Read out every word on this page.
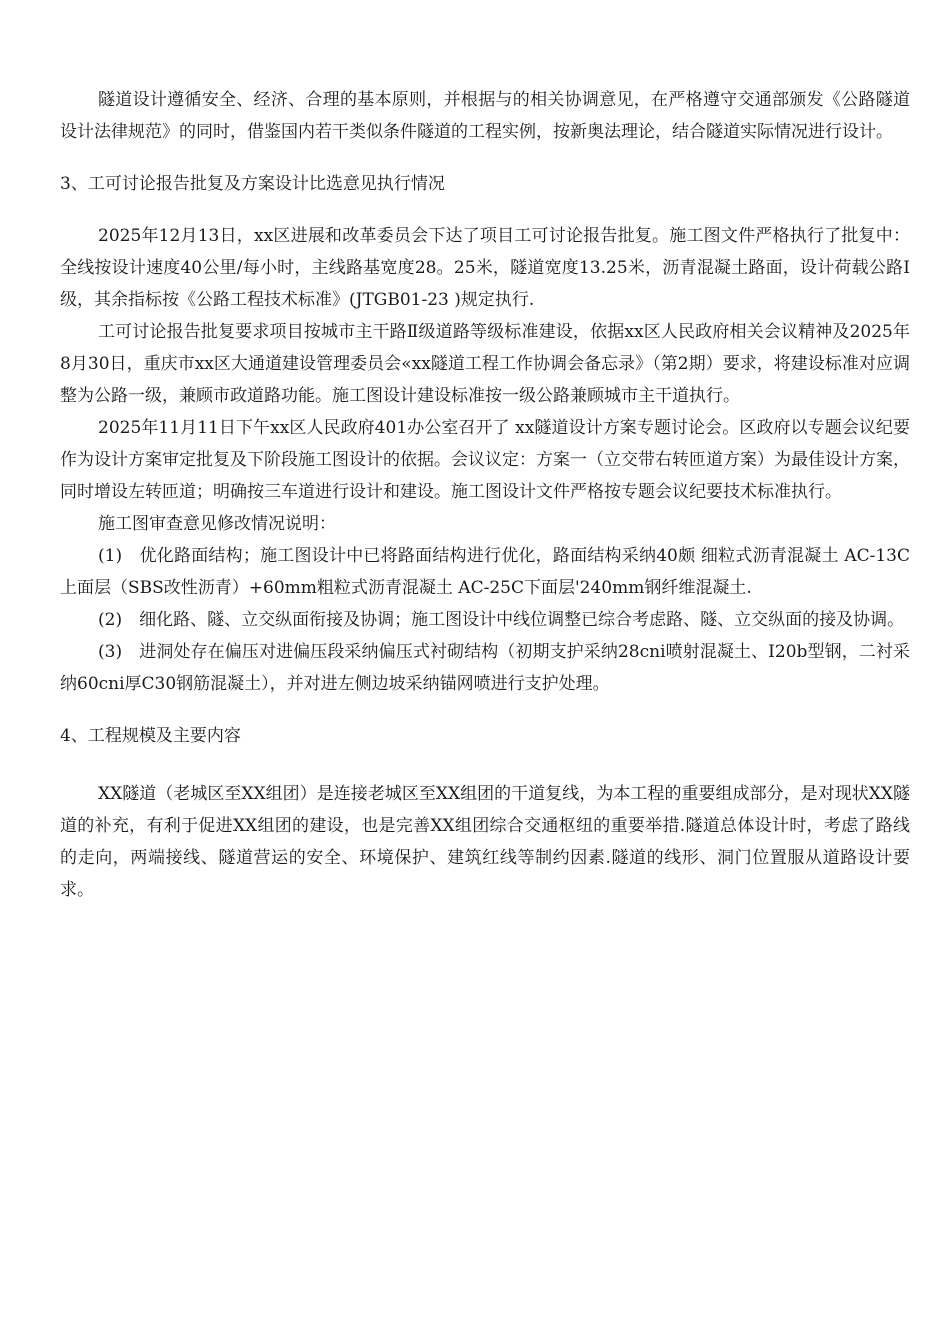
隧道设计遵循安全、经济、合理的基本原则，并根据与的相关协调意见，在严格遵守交通部颁发《公路隧道设计法律规范》的同时，借鉴国内若干类似条件隧道的工程实例，按新奥法理论，结合隧道实际情况进行设计。

3、工可讨论报告批复及方案设计比选意见执行情况

2025年12月13日，xx区进展和改革委员会下达了项目工可讨论报告批复。施工图文件严格执行了批复中：全线按设计速度40公里/每小时，主线路基宽度28。25米，隧道宽度13.25米，沥青混凝土路面，设计荷载公路Ⅰ级，其余指标按《公路工程技术标准》(JTGB01-23 )规定执行.

工可讨论报告批复要求项目按城市主干路Ⅱ级道路等级标准建设，依据xx区人民政府相关会议精神及2025年8月30日，重庆市xx区大通道建设管理委员会«xx隧道工程工作协调会备忘录》（第2期）要求，将建设标准对应调整为公路一级，兼顾市政道路功能。施工图设计建设标准按一级公路兼顾城市主干道执行。

2025年11月11日下午xx区人民政府401办公室召开了 xx隧道设计方案专题讨论会。区政府以专题会议纪要作为设计方案审定批复及下阶段施工图设计的依据。会议议定：方案一（立交带右转匝道方案）为最佳设计方案，同时增设左转匝道；明确按三车道进行设计和建设。施工图设计文件严格按专题会议纪要技术标准执行。

施工图审查意见修改情况说明：

(1)　优化路面结构；施工图设计中已将路面结构进行优化，路面结构采纳40颇 细粒式沥青混凝土 AC-13C上面层（SBS改性沥青）+60mm粗粒式沥青混凝土 AC-25C下面层'240mm钢纤维混凝土.

(2)　细化路、隧、立交纵面衔接及协调；施工图设计中线位调整已综合考虑路、隧、立交纵面的接及协调。

(3)　进洞处存在偏压对进偏压段采纳偏压式衬砌结构（初期支护采纳28cni喷射混凝土、I20b型钢，二衬采纳60cni厚C30钢筋混凝土），并对进左侧边坡采纳锚网喷进行支护处理。

4、工程规模及主要内容

XX隧道（老城区至XX组团）是连接老城区至XX组团的干道复线，为本工程的重要组成部分，是对现状XX隧道的补充，有利于促进XX组团的建设，也是完善XX组团综合交通枢纽的重要举措.隧道总体设计时，考虑了路线的走向，两端接线、隧道营运的安全、环境保护、建筑红线等制约因素.隧道的线形、洞门位置服从道路设计要求。
